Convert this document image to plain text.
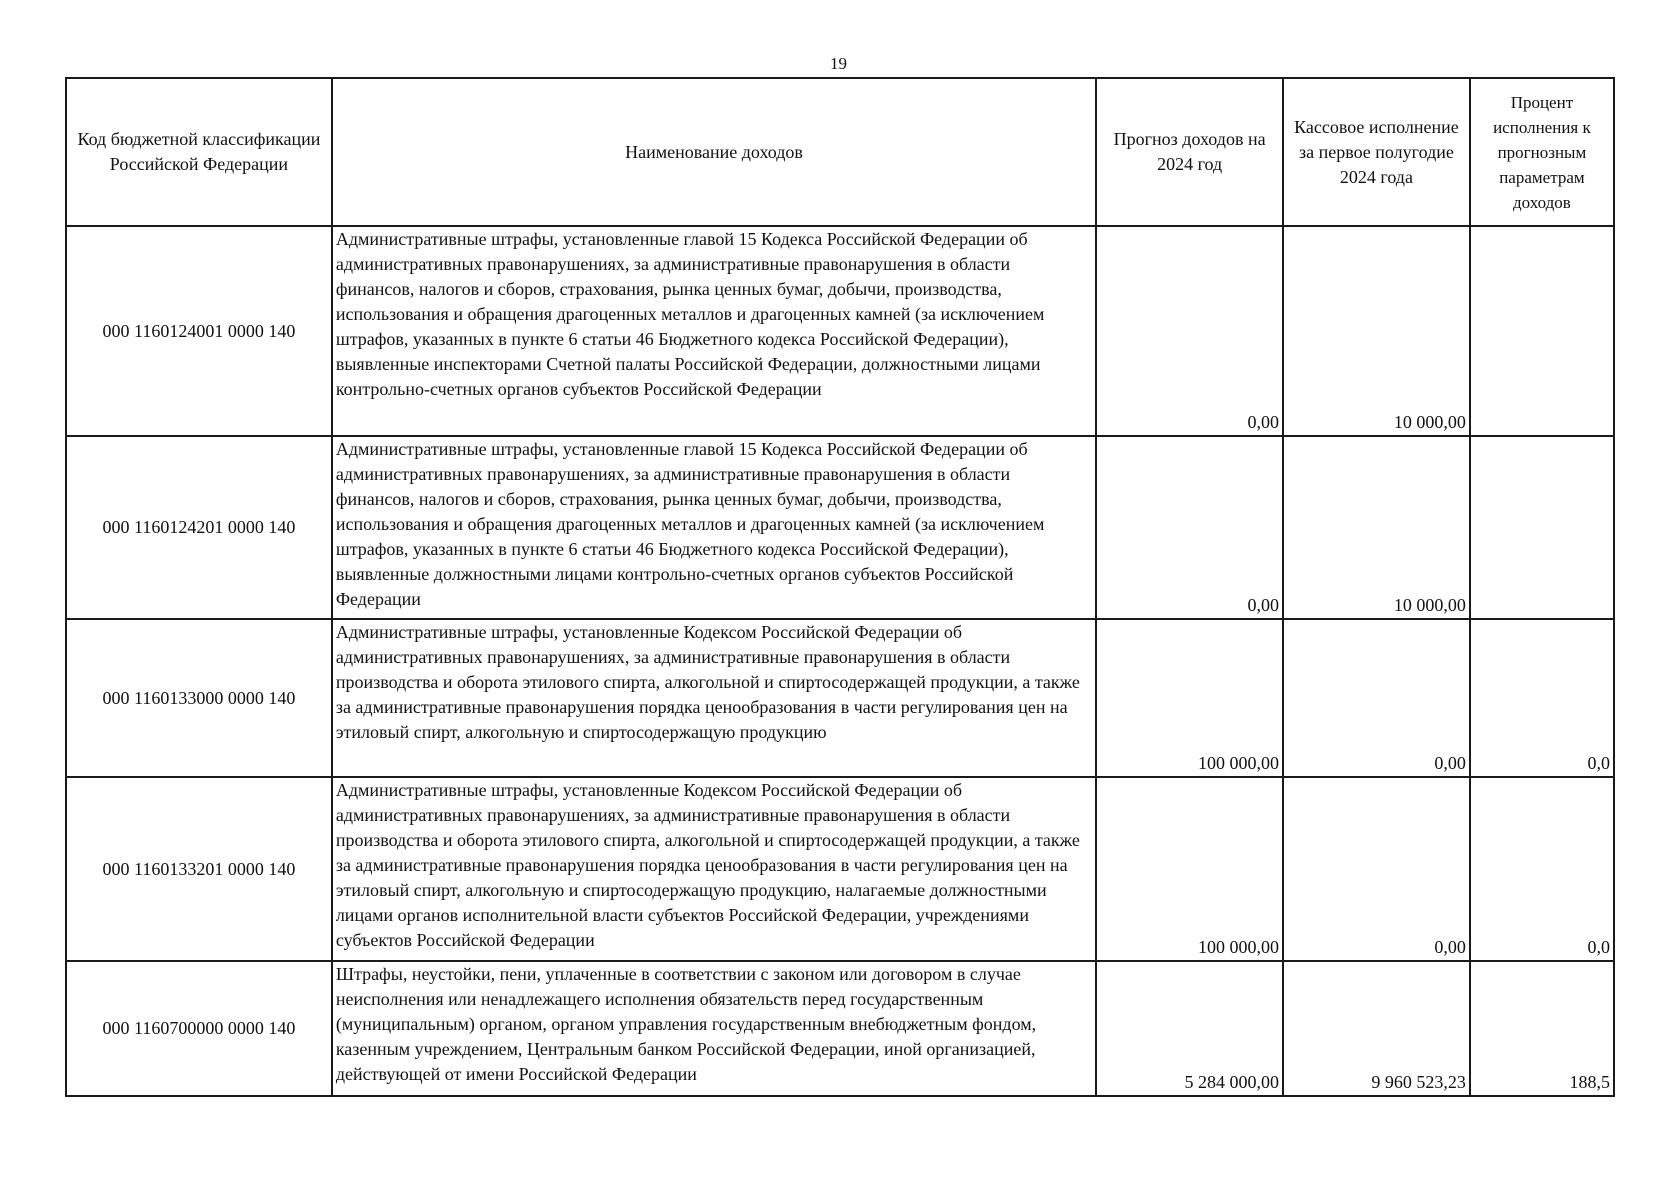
19
Код бюджетной классификации Российской Федерации	Наименование доходов	Прогноз доходов на 2024 год	Кассовое исполнение за первое полугодие 2024 года	Процент исполнения к прогнозным параметрам доходов
000 1160124001 0000 140	Административные штрафы, установленные главой 15 Кодекса Российской Федерации об административных правонарушениях, за административные правонарушения в области финансов, налогов и сборов, страхования, рынка ценных бумаг, добычи, производства, использования и обращения драгоценных металлов и драгоценных камней (за исключением штрафов, указанных в пункте 6 статьи 46 Бюджетного кодекса Российской Федерации), выявленные инспекторами Счетной палаты Российской Федерации, должностными лицами контрольно-счетных органов субъектов Российской Федерации	0,00	10 000,00	
000 1160124201 0000 140	Административные штрафы, установленные главой 15 Кодекса Российской Федерации об административных правонарушениях, за административные правонарушения в области финансов, налогов и сборов, страхования, рынка ценных бумаг, добычи, производства, использования и обращения драгоценных металлов и драгоценных камней (за исключением штрафов, указанных в пункте 6 статьи 46 Бюджетного кодекса Российской Федерации), выявленные должностными лицами контрольно-счетных органов субъектов Российской Федерации	0,00	10 000,00	
000 1160133000 0000 140	Административные штрафы, установленные Кодексом Российской Федерации об административных правонарушениях, за административные правонарушения в области производства и оборота этилового спирта, алкогольной и спиртосодержащей продукции, а также за административные правонарушения порядка ценообразования в части регулирования цен на этиловый спирт, алкогольную и спиртосодержащую продукцию	100 000,00	0,00	0,0
000 1160133201 0000 140	Административные штрафы, установленные Кодексом Российской Федерации об административных правонарушениях, за административные правонарушения в области производства и оборота этилового спирта, алкогольной и спиртосодержащей продукции, а также за административные правонарушения порядка ценообразования в части регулирования цен на этиловый спирт, алкогольную и спиртосодержащую продукцию, налагаемые должностными лицами органов исполнительной власти субъектов Российской Федерации, учреждениями субъектов Российской Федерации	100 000,00	0,00	0,0
000 1160700000 0000 140	Штрафы, неустойки, пени, уплаченные в соответствии с законом или договором в случае неисполнения или ненадлежащего исполнения обязательств перед государственным (муниципальным) органом, органом управления государственным внебюджетным фондом, казенным учреждением, Центральным банком Российской Федерации, иной организацией, действующей от имени Российской Федерации	5 284 000,00	9 960 523,23	188,5
